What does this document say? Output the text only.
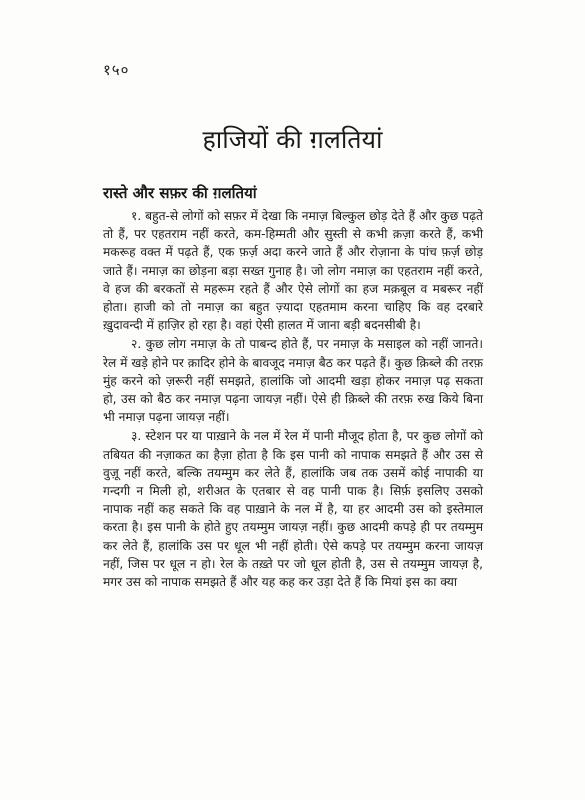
१५०
हाजियों की ग़लतियां
रास्ते और सफ़र की ग़लतियां

१. बहुत-से लोगों को सफ़र में देखा कि नमाज़ बिल्कुल छोड़ देते हैं और कुछ पढ़ते तो हैं, पर एहतराम नहीं करते, कम-हिम्मती और सुस्ती से कभी क़ज़ा करते हैं, कभी मकरूह वक्त में पढ़ते हैं, एक फ़र्ज़ अदा करने जाते हैं और रोज़ाना के पांच फ़र्ज़ छोड़ जाते हैं। नमाज़ का छोड़ना बड़ा सख्त गुनाह है। जो लोग नमाज़ का एहतराम नहीं करते, वे हज की बरकतों से महरूम रहते हैं और ऐसे लोगों का हज मक़बूल व मबरूर नहीं होता। हाजी को तो नमाज़ का बहुत ज़्यादा एहतमाम करना चाहिए कि वह दरबारे ख़ुदावन्दी में हाज़िर हो रहा है। वहां ऐसी हालत में जाना बड़ी बदनसीबी है।

२. कुछ लोग नमाज़ के तो पाबन्द होते हैं, पर नमाज़ के मसाइल को नहीं जानते। रेल में खड़े होने पर क़ादिर होने के बावजूद नमाज़ बैठ कर पढ़ते हैं। कुछ क़िब्ले की तरफ़ मुंह करने को ज़रूरी नहीं समझते, हालांकि जो आदमी खड़ा होकर नमाज़ पढ़ सकता हो, उस को बैठ कर नमाज़ पढ़ना जायज़ नहीं। ऐसे ही क़िब्ले की तरफ़ रुख किये बिना भी नमाज़ पढ़ना जायज़ नहीं।

३. स्टेशन पर या पाख़ाने के नल में रेल में पानी मौजूद होता है, पर कुछ लोगों को तबियत की नज़ाकत का हैज़ा होता है कि इस पानी को नापाक समझते हैं और उस से वुज़ू नहीं करते, बल्कि तयम्मुम कर लेते हैं, हालांकि जब तक उसमें कोई नापाकी या गन्दगी न मिली हो, शरीअत के एतबार से वह पानी पाक है। सिर्फ़ इसलिए उसको नापाक नहीं कह सकते कि वह पाख़ाने के नल में है, या हर आदमी उस को इस्तेमाल करता है। इस पानी के होते हुए तयम्मुम जायज़ नहीं। कुछ आदमी कपड़े ही पर तयम्मुम कर लेते हैं, हालांकि उस पर धूल भी नहीं होती। ऐसे कपड़े पर तयम्मुम करना जायज़ नहीं, जिस पर धूल न हो। रेल के तख़्ते पर जो धूल होती है, उस से तयम्मुम जायज़ है, मगर उस को नापाक समझते हैं और यह कह कर उड़ा देते हैं कि मियां इस का क्या
